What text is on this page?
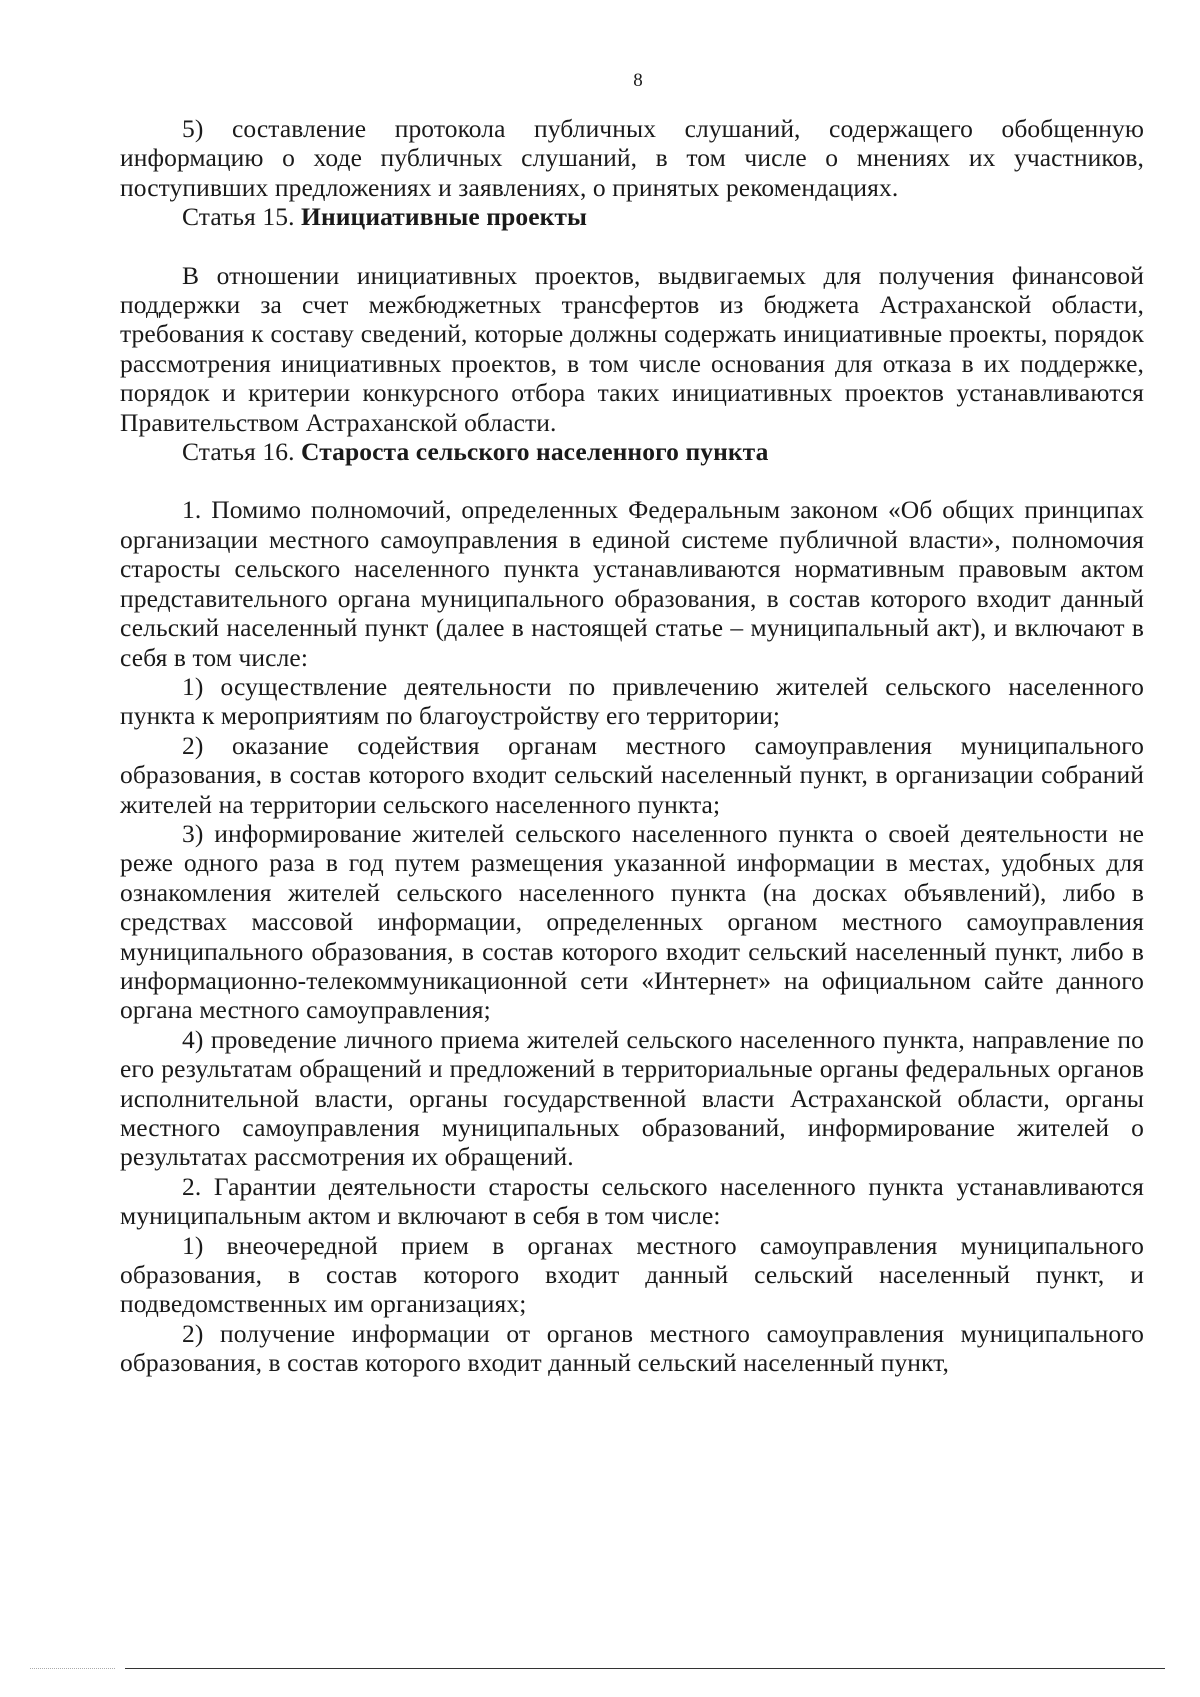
8

5) составление протокола публичных слушаний, содержащего обобщенную информацию о ходе публичных слушаний, в том числе о мнениях их участников, поступивших предложениях и заявлениях, о принятых рекомендациях.

Статья 15. Инициативные проекты

В отношении инициативных проектов, выдвигаемых для получения финансовой поддержки за счет межбюджетных трансфертов из бюджета Астраханской области, требования к составу сведений, которые должны содержать инициативные проекты, порядок рассмотрения инициативных проектов, в том числе основания для отказа в их поддержке, порядок и критерии конкурсного отбора таких инициативных проектов устанавливаются Правительством Астраханской области.

Статья 16. Староста сельского населенного пункта

1. Помимо полномочий, определенных Федеральным законом «Об общих принципах организации местного самоуправления в единой системе публичной власти», полномочия старосты сельского населенного пункта устанавливаются нормативным правовым актом представительного органа муниципального образования, в состав которого входит данный сельский населенный пункт (далее в настоящей статье – муниципальный акт), и включают в себя в том числе:

1) осуществление деятельности по привлечению жителей сельского населенного пункта к мероприятиям по благоустройству его территории;

2) оказание содействия органам местного самоуправления муниципального образования, в состав которого входит сельский населенный пункт, в организации собраний жителей на территории сельского населенного пункта;

3) информирование жителей сельского населенного пункта о своей деятельности не реже одного раза в год путем размещения указанной информации в местах, удобных для ознакомления жителей сельского населенного пункта (на досках объявлений), либо в средствах массовой информации, определенных органом местного самоуправления муниципального образования, в состав которого входит сельский населенный пункт, либо в информационно-телекоммуникационной сети «Интернет» на официальном сайте данного органа местного самоуправления;

4) проведение личного приема жителей сельского населенного пункта, направление по его результатам обращений и предложений в территориальные органы федеральных органов исполнительной власти, органы государственной власти Астраханской области, органы местного самоуправления муниципальных образований, информирование жителей о результатах рассмотрения их обращений.

2. Гарантии деятельности старосты сельского населенного пункта устанавливаются муниципальным актом и включают в себя в том числе:

1) внеочередной прием в органах местного самоуправления муниципального образования, в состав которого входит данный сельский населенный пункт, и подведомственных им организациях;

2) получение информации от органов местного самоуправления муниципального образования, в состав которого входит данный сельский населенный пункт,
